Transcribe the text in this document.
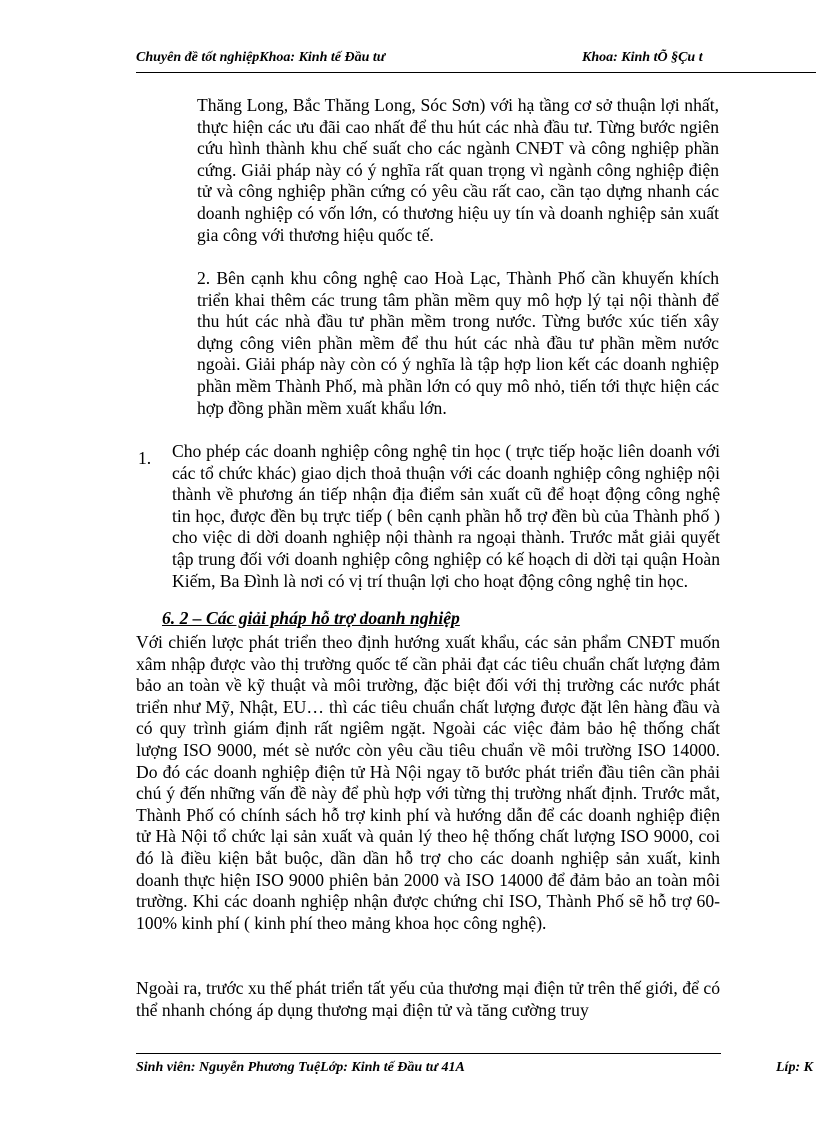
Chuyên đề tốt nghiệpKhoa: Kinh tế Đầu tư	Khoa: Kinh tÕ §Çu t

Thăng Long, Bắc Thăng Long, Sóc Sơn) với hạ tầng cơ sở thuận lợi nhất, thực hiện các ưu đãi cao nhất để thu hút các nhà đầu tư. Từng bước ngiên cứu hình thành khu chế suất cho các ngành CNĐT và công nghiệp phần cứng. Giải pháp này có ý nghĩa rất quan trọng vì ngành công nghiệp điện tử và công nghiệp phần cứng có yêu cầu rất cao, cần tạo dựng nhanh các doanh nghiệp có vốn lớn, có thương hiệu uy tín và doanh nghiệp sản xuất gia công với thương hiệu quốc tế.

2. Bên cạnh khu công nghệ cao Hoà Lạc, Thành Phố cần khuyến khích triển khai thêm các trung tâm phần mềm quy mô hợp lý tại nội thành để thu hút các nhà đầu tư phần mềm trong nước. Từng bước xúc tiến xây dựng công viên phần mềm để thu hút các nhà đầu tư phần mềm nước ngoài. Giải pháp này còn có ý nghĩa là tập hợp lion kết các doanh nghiệp phần mềm Thành Phố, mà phần lớn có quy mô nhỏ, tiến tới thực hiện các hợp đồng phần mềm xuất khẩu lớn.

1. Cho phép các doanh nghiệp công nghệ tin học ( trực tiếp hoặc liên doanh với các tổ chức khác) giao dịch thoả thuận với các doanh nghiệp công nghiệp nội thành về phương án tiếp nhận địa điểm sản xuất cũ để hoạt động công nghệ tin học, được đền bụ trực tiếp ( bên cạnh phần hỗ trợ đền bù của Thành phố ) cho việc di dời doanh nghiệp nội thành ra ngoại thành. Trước mắt giải quyết tập trung đối với doanh nghiệp công nghiệp có kế hoạch di dời tại quận Hoàn Kiếm, Ba Đình là nơi có vị trí thuận lợi cho hoạt động công nghệ tin học.

6. 2 – Các giải pháp hỗ trợ doanh nghiệp

Với chiến lược phát triển theo định hướng xuất khẩu, các sản phẩm CNĐT muốn xâm nhập được vào thị trường quốc tế cần phải đạt các tiêu chuẩn chất lượng đảm bảo an toàn về kỹ thuật và môi trường, đặc biệt đối với thị trường các nước phát triển như Mỹ, Nhật, EU… thì các tiêu chuẩn chất lượng được đặt lên hàng đầu và có quy trình giám định rất ngiêm ngặt. Ngoài các việc đảm bảo hệ thống chất lượng ISO 9000, mét sè nước còn yêu cầu tiêu chuẩn về môi trường ISO 14000. Do đó các doanh nghiệp điện tử Hà Nội ngay tõ bước phát triển đầu tiên cần phải chú ý đến những vấn đề này để phù hợp với từng thị trường nhất định. Trước mắt, Thành Phố có chính sách hỗ trợ kinh phí và hướng dẫn để các doanh nghiệp điện tử Hà Nội tổ chức lại sản xuất và quản lý theo hệ thống chất lượng ISO 9000, coi đó là điều kiện bắt buộc, dần dần hỗ trợ cho các doanh nghiệp sản xuất, kinh doanh thực hiện ISO 9000 phiên bản 2000 và ISO 14000 để đảm bảo an toàn môi trường. Khi các doanh nghiệp nhận được chứng chỉ ISO, Thành Phố sẽ hỗ trợ 60-100% kinh phí ( kinh phí theo mảng khoa học công nghệ).

Ngoài ra, trước xu thế phát triển tất yếu của thương mại điện tử trên thế giới, để có thể nhanh chóng áp dụng thương mại điện tử và tăng cường truy

Sinh viên: Nguyễn Phương TuệLớp: Kinh tế Đầu tư 41A	Líp: K
